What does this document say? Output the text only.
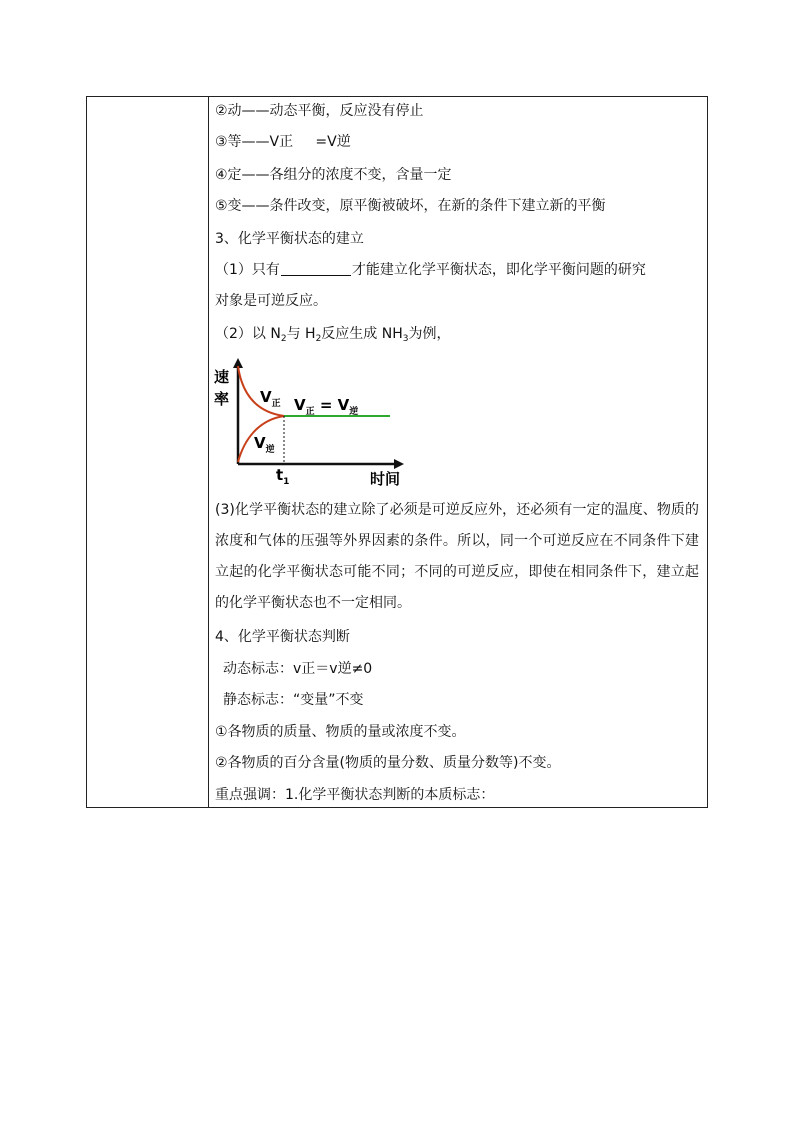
②动——动态平衡，反应没有停止
③等——V正 =V逆
④定——各组分的浓度不变，含量一定
⑤变——条件改变，原平衡被破坏，在新的条件下建立新的平衡
3、化学平衡状态的建立
（1）只有	才能建立化学平衡状态，即化学平衡问题的研究
对象是可逆反应。
（2）以 $N_2$与 $H_2$反应生成 $NH_3$为例，
(3)化学平衡状态的建立除了必须是可逆反应外，还必须有一定的温度、物质的浓度和气体的压强等外界因素的条件。所以，同一个可逆反应在不同条件下建立起的化学平衡状态可能不同；不同的可逆反应，即使在相同条件下，建立起的化学平衡状态也不一定相同。
4、化学平衡状态判断
动态标志：v正＝v逆≠0
静态标志：“变量”不变
①各物质的质量、物质的量或浓度不变。
②各物质的百分含量(物质的量分数、质量分数等)不变。
重点强调：1.化学平衡状态判断的本质标志：
速
率 $V_正$ $V_正 = V_逆$
$V_逆$
$t_1$	时间
